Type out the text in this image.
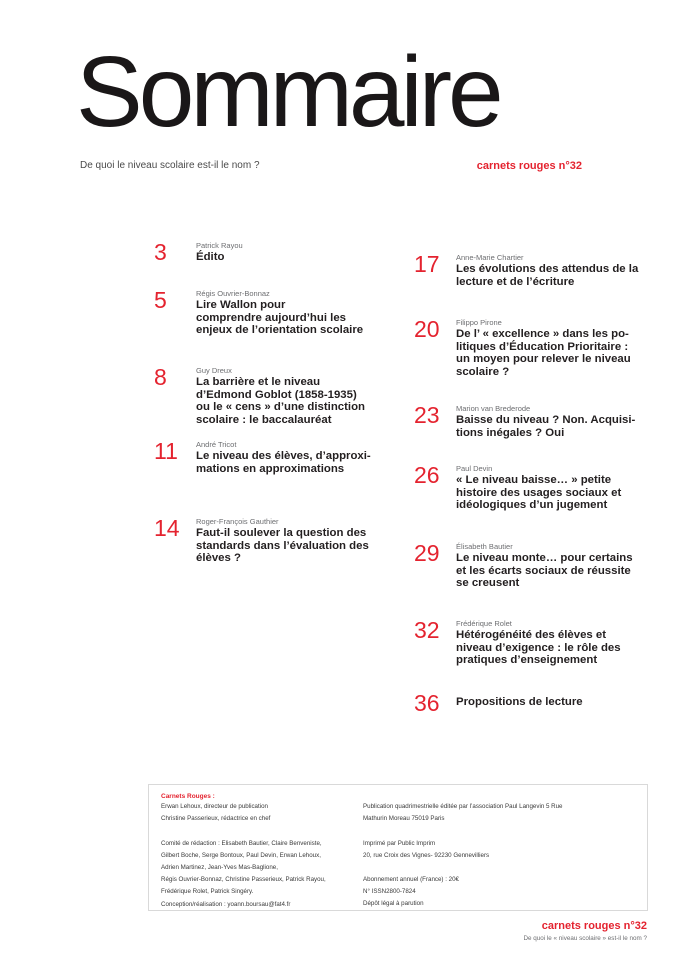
Sommaire
De quoi le niveau scolaire est-il le nom ?	carnets rouges n°32
3	Patrick Rayou
Édito
5	Régis Ouvrier-Bonnaz
Lire Wallon pour
comprendre aujourd’hui les
enjeux de l’orientation scolaire
8	Guy Dreux
La barrière et le niveau
d’Edmond Goblot (1858-1935)
ou le « cens » d’une distinction
scolaire : le baccalauréat
11	André Tricot
Le niveau des élèves, d’approxi-
mations en approximations
14	Roger-François Gauthier
Faut-il soulever la question des
standards dans l’évaluation des
élèves ?
17	Anne-Marie Chartier
Les évolutions des attendus de la
lecture et de l’écriture
20	Filippo Pirone
De l’ « excellence » dans les po-
litiques d’Éducation Prioritaire :
un moyen pour relever le niveau
scolaire ?
23	Marion van Brederode
Baisse du niveau ? Non. Acquisi-
tions inégales ? Oui
26	Paul Devin
« Le niveau baisse… » petite
histoire des usages sociaux et
idéologiques d’un jugement
29	Élisabeth Bautier
Le niveau monte… pour certains
et les écarts sociaux de réussite
se creusent
32	Frédérique Rolet
Hétérogénéité des élèves et
niveau d’exigence : le rôle des
pratiques d’enseignement
36	Propositions de lecture
Carnets Rouges :
Erwan Lehoux, directeur de publication
Christine Passerieux, rédactrice en chef
Comité de rédaction : Elisabeth Bautier, Claire Benveniste,
Gilbert Boche, Serge Bontoux, Paul Devin, Erwan Lehoux,
Adrien Martinez, Jean-Yves Mas-Baglione,
Régis Ouvrier-Bonnaz, Christine Passerieux, Patrick Rayou,
Frédérique Rolet, Patrick Singéry.
Conception/réalisation : yoann.boursau@fat4.fr
Publication quadrimestrielle éditée par l’association Paul Langevin 5 Rue
Mathurin Moreau 75019 Paris
Imprimé par Public Imprim
20, rue Croix des Vignes- 92230 Gennevilliers
Abonnement annuel (France) : 20€
N° ISSN2800-7824
Dépôt légal à parution
carnets rouges n°32
De quoi le « niveau scolaire » est-il le nom ?
